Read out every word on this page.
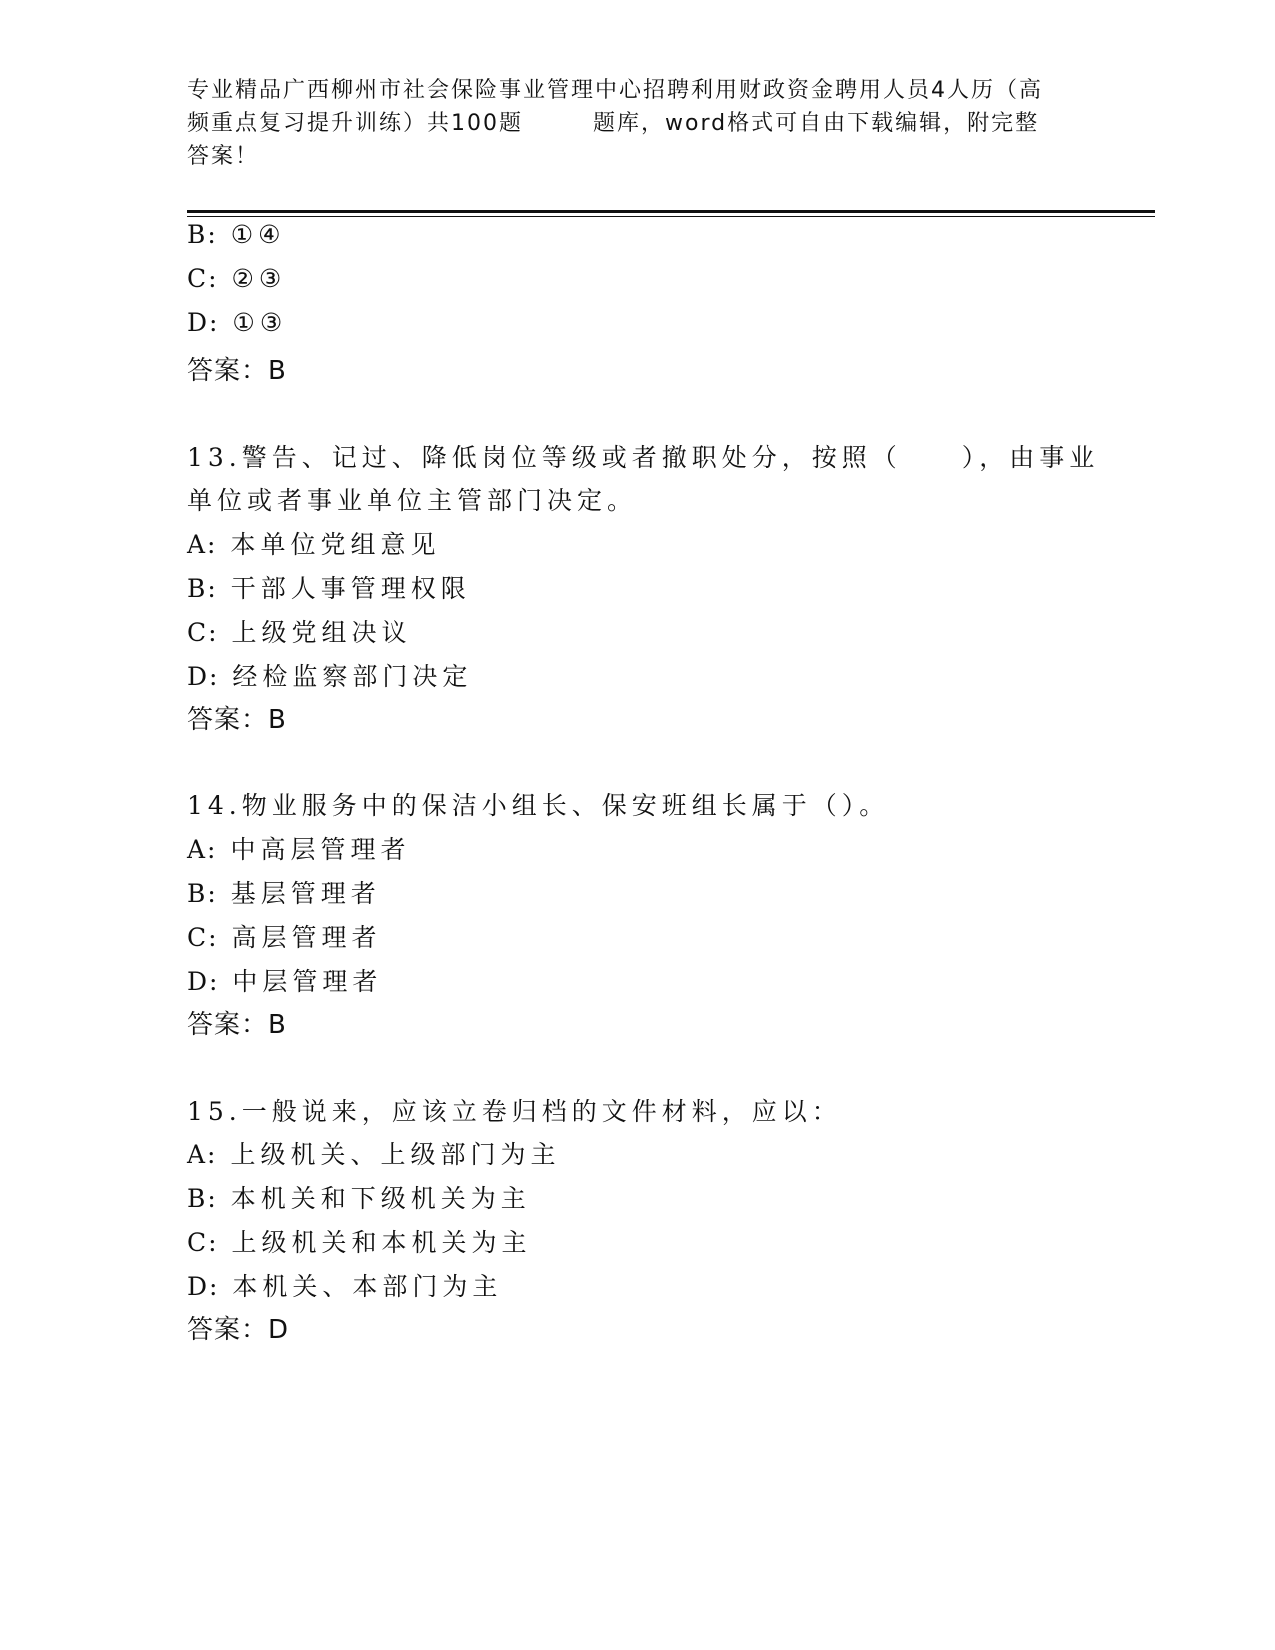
专业精品广西柳州市社会保险事业管理中心招聘利用财政资金聘用人员4人历（高
频重点复习提升训练）共100题	题库，word格式可自由下载编辑，附完整
答案！
B: ①④
C: ②③
D: ①③
答案：B
13.警告、记过、降低岗位等级或者撤职处分，按照（　　），由事业
单位或者事业单位主管部门决定。
A: 本单位党组意见
B: 干部人事管理权限
C: 上级党组决议
D: 经检监察部门决定
答案：B
14.物业服务中的保洁小组长、保安班组长属于（）。
A: 中高层管理者
B: 基层管理者
C: 高层管理者
D: 中层管理者
答案：B
15.一般说来，应该立卷归档的文件材料，应以：
A: 上级机关、上级部门为主
B: 本机关和下级机关为主
C: 上级机关和本机关为主
D: 本机关、本部门为主
答案：D
